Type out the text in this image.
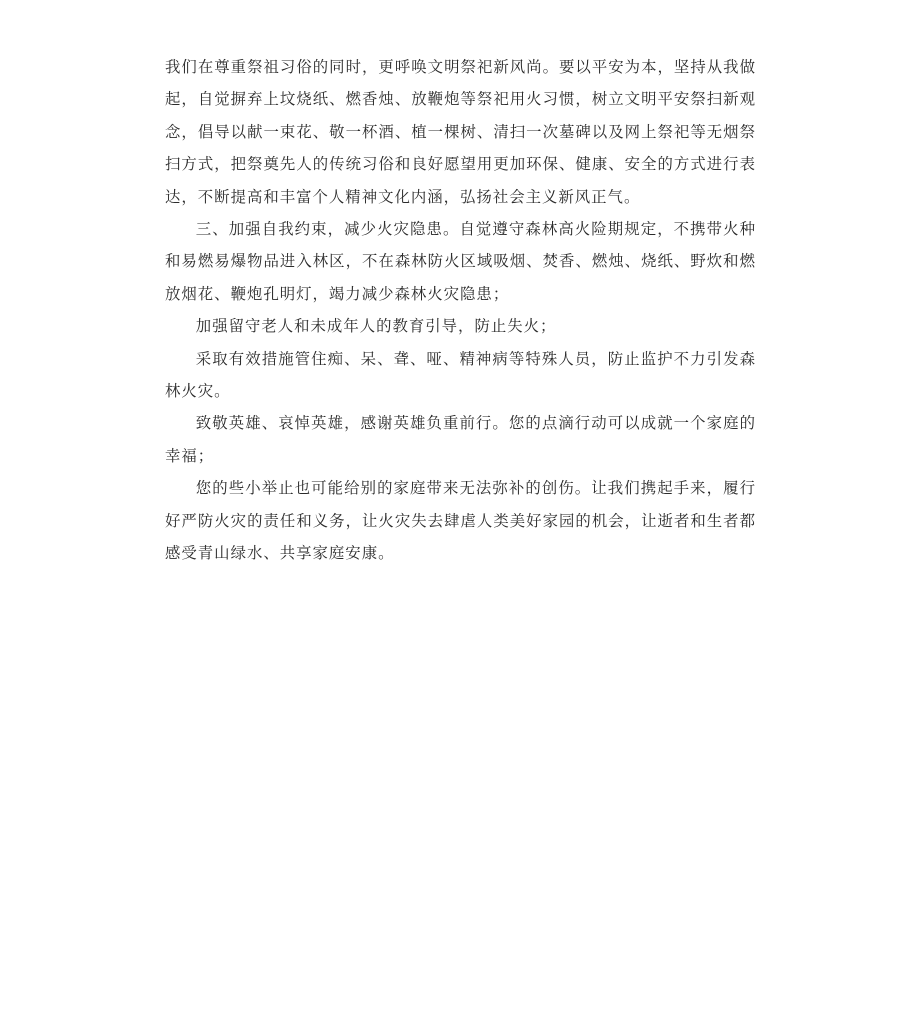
我们在尊重祭祖习俗的同时，更呼唤文明祭祀新风尚。要以平安为本，坚持从我做起，自觉摒弃上坟烧纸、燃香烛、放鞭炮等祭祀用火习惯，树立文明平安祭扫新观念，倡导以献一束花、敬一杯酒、植一棵树、清扫一次墓碑以及网上祭祀等无烟祭扫方式，把祭奠先人的传统习俗和良好愿望用更加环保、健康、安全的方式进行表达，不断提高和丰富个人精神文化内涵，弘扬社会主义新风正气。

三、加强自我约束，减少火灾隐患。自觉遵守森林高火险期规定，不携带火种和易燃易爆物品进入林区，不在森林防火区域吸烟、焚香、燃烛、烧纸、野炊和燃放烟花、鞭炮孔明灯，竭力减少森林火灾隐患；

加强留守老人和未成年人的教育引导，防止失火；

采取有效措施管住痴、呆、聋、哑、精神病等特殊人员，防止监护不力引发森林火灾。

致敬英雄、哀悼英雄，感谢英雄负重前行。您的点滴行动可以成就一个家庭的幸福；

您的些小举止也可能给别的家庭带来无法弥补的创伤。让我们携起手来，履行好严防火灾的责任和义务，让火灾失去肆虐人类美好家园的机会，让逝者和生者都感受青山绿水、共享家庭安康。
